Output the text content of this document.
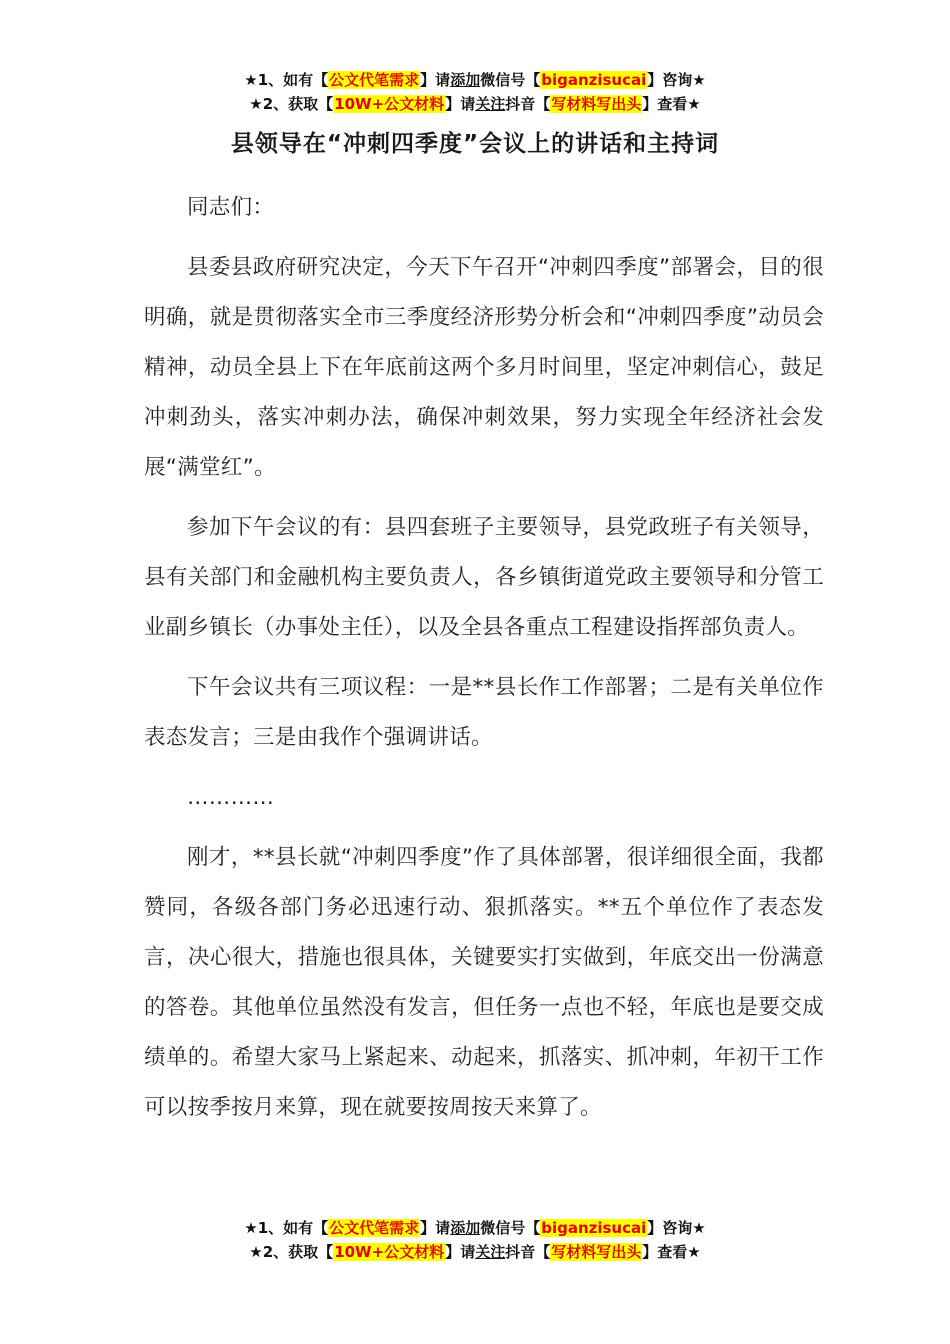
★1、如有【公文代笔需求】请添加微信号【biganzisucai】咨询★
★2、获取【10W+公文材料】请关注抖音【写材料写出头】查看★
县领导在“冲刺四季度”会议上的讲话和主持词

同志们：

县委县政府研究决定，今天下午召开“冲刺四季度”部署会，目的很明确，就是贯彻落实全市三季度经济形势分析会和“冲刺四季度”动员会精神，动员全县上下在年底前这两个多月时间里，坚定冲刺信心，鼓足冲刺劲头，落实冲刺办法，确保冲刺效果，努力实现全年经济社会发展“满堂红”。

参加下午会议的有：县四套班子主要领导，县党政班子有关领导，县有关部门和金融机构主要负责人，各乡镇街道党政主要领导和分管工业副乡镇长（办事处主任），以及全县各重点工程建设指挥部负责人。

下午会议共有三项议程：一是**县长作工作部署；二是有关单位作表态发言；三是由我作个强调讲话。

…………

刚才，**县长就“冲刺四季度”作了具体部署，很详细很全面，我都赞同，各级各部门务必迅速行动、狠抓落实。**五个单位作了表态发言，决心很大，措施也很具体，关键要实打实做到，年底交出一份满意的答卷。其他单位虽然没有发言，但任务一点也不轻，年底也是要交成绩单的。希望大家马上紧起来、动起来，抓落实、抓冲刺，年初干工作可以按季按月来算，现在就要按周按天来算了。

★1、如有【公文代笔需求】请添加微信号【biganzisucai】咨询★
★2、获取【10W+公文材料】请关注抖音【写材料写出头】查看★
